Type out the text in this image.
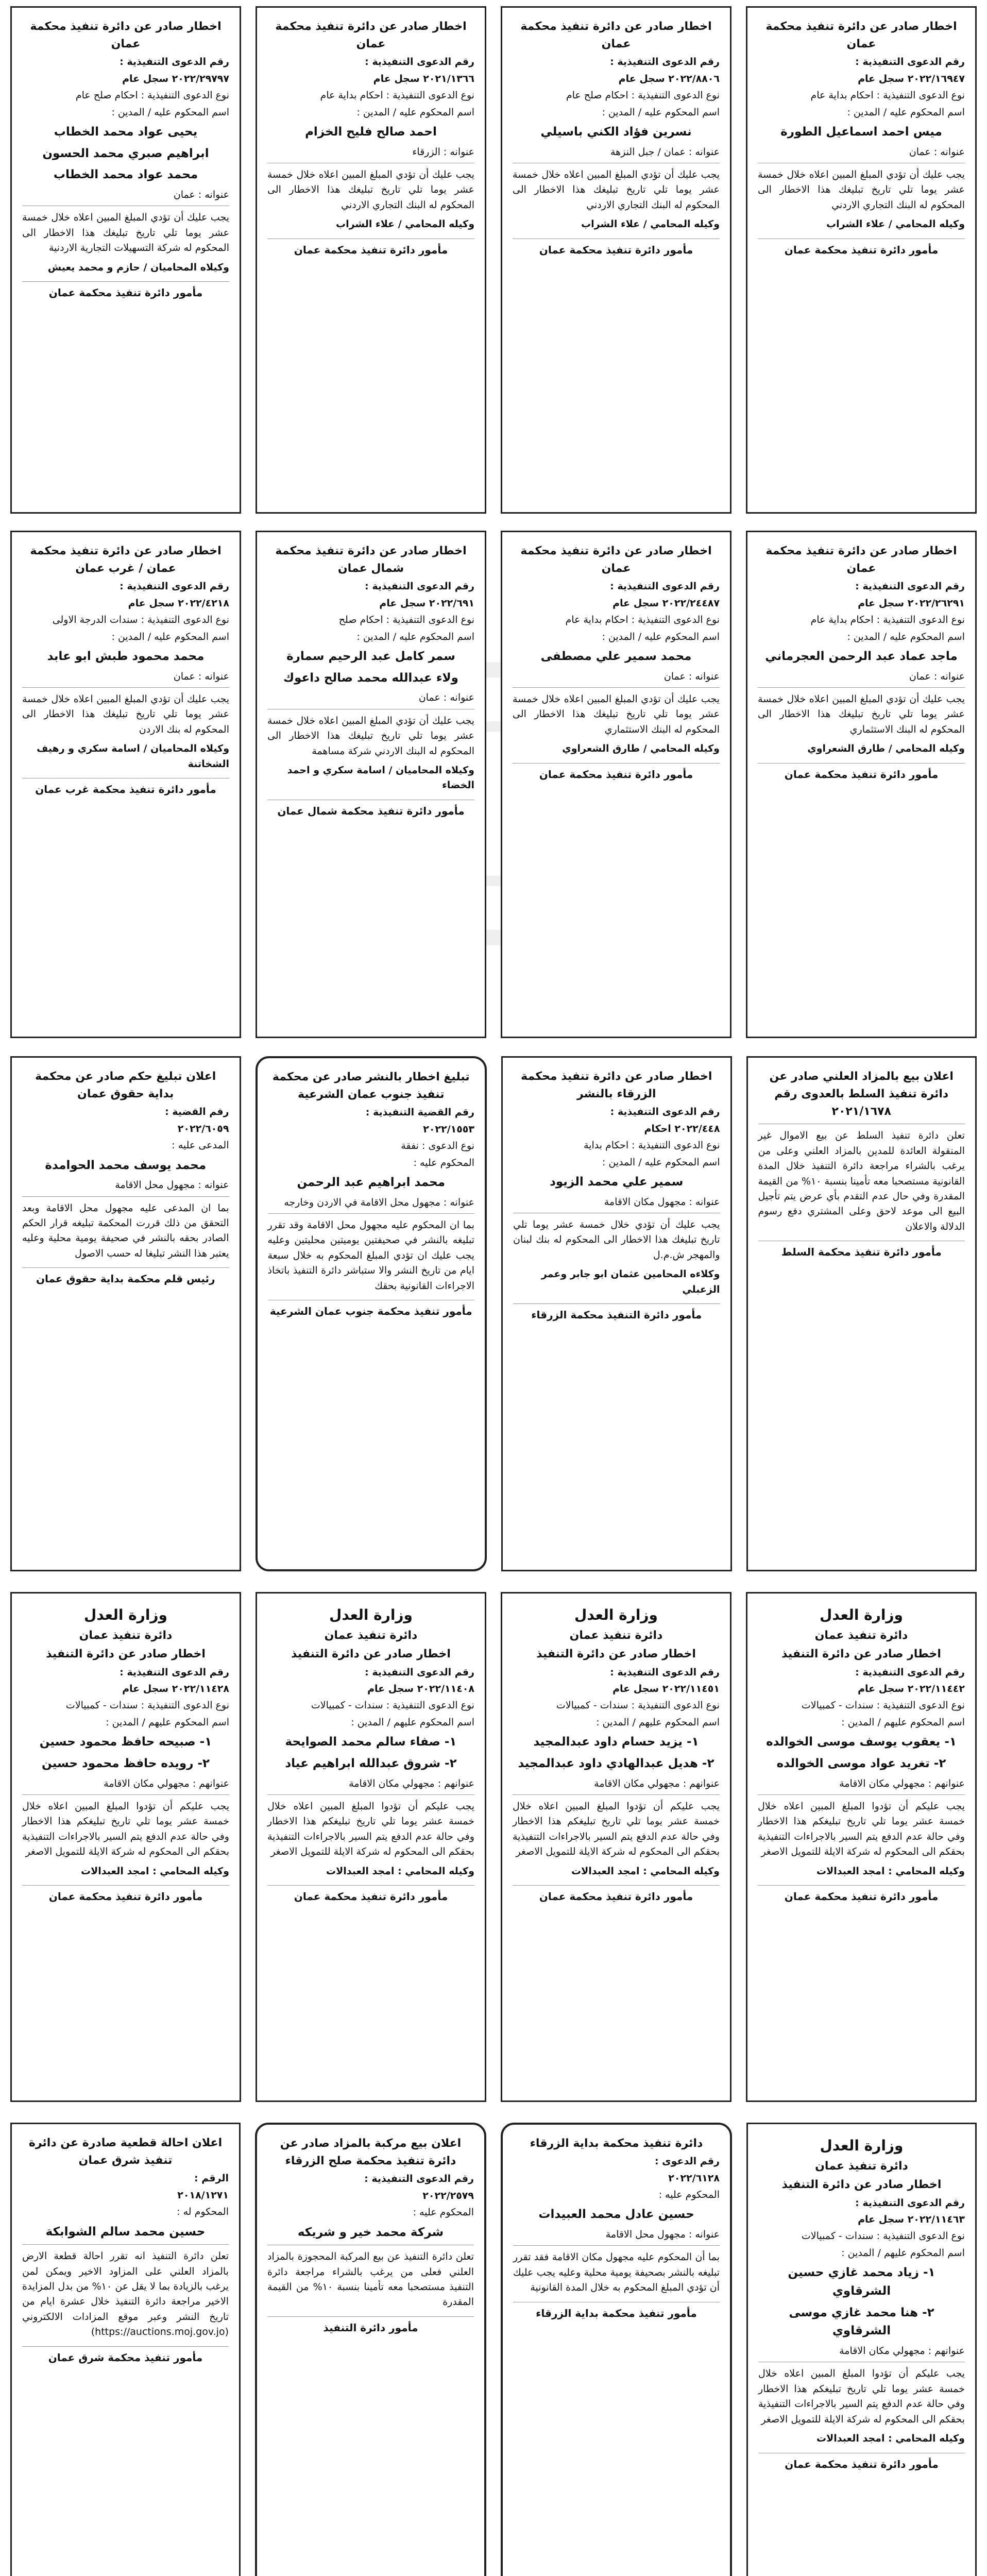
اخطار صادر عن دائرة تنفيذ محكمة عمان
رقم الدعوى التنفيذية :
٢٠٢٢/١٦٩٤٧ سجل عام
نوع الدعوى التنفيذية : احكام بداية عام
اسم المحكوم عليه / المدين :
ميس احمد اسماعيل الطورة
عنوانه : عمان
يجب عليك أن تؤدي المبلغ المبين اعلاه خلال خمسة عشر يوما تلي تاريخ تبليغك هذا الاخطار الى المحكوم له البنك التجاري الاردني
وكيله المحامي / علاء الشراب
مأمور دائرة تنفيذ محكمة عمان
اخطار صادر عن دائرة تنفيذ محكمة عمان
رقم الدعوى التنفيذية :
٢٠٢٢/٨٨٠٦ سجل عام
نوع الدعوى التنفيذية : احكام صلح عام
اسم المحكوم عليه / المدين :
نسرين فؤاد الكني باسيلي
عنوانه : عمان / جبل النزهة
يجب عليك أن تؤدي المبلغ المبين اعلاه خلال خمسة عشر يوما تلي تاريخ تبليغك هذا الاخطار الى المحكوم له البنك التجاري الاردني
وكيله المحامي / علاء الشراب
مأمور دائرة تنفيذ محكمة عمان
اخطار صادر عن دائرة تنفيذ محكمة عمان
رقم الدعوى التنفيذية :
٢٠٢١/١٣٦٦ سجل عام
نوع الدعوى التنفيذية : احكام بداية عام
اسم المحكوم عليه / المدين :
احمد صالح فليح الخزام
عنوانه : الزرقاء
يجب عليك أن تؤدي المبلغ المبين اعلاه خلال خمسة عشر يوما تلي تاريخ تبليغك هذا الاخطار الى المحكوم له البنك التجاري الاردني
وكيله المحامي / علاء الشراب
مأمور دائرة تنفيذ محكمة عمان
اخطار صادر عن دائرة تنفيذ محكمة عمان
رقم الدعوى التنفيذية :
٢٠٢٢/٢٩٧٩٧ سجل عام
نوع الدعوى التنفيذية : احكام صلح عام
اسم المحكوم عليه / المدين :
يحيى عواد محمد الخطاب
ابراهيم صبري محمد الحسون
محمد عواد محمد الخطاب
عنوانه : عمان
يجب عليك أن تؤدي المبلغ المبين اعلاه خلال خمسة عشر يوما تلي تاريخ تبليغك هذا الاخطار الى المحكوم له شركة التسهيلات التجارية الاردنية
وكيلاه المحاميان / حازم و محمد يعيش
مأمور دائرة تنفيذ محكمة عمان
اخطار صادر عن دائرة تنفيذ محكمة عمان
رقم الدعوى التنفيذية :
٢٠٢٢/٢٦٢٩١ سجل عام
نوع الدعوى التنفيذية : احكام بداية عام
اسم المحكوم عليه / المدين :
ماجد عماد عبد الرحمن العجرماني
عنوانه : عمان
يجب عليك أن تؤدي المبلغ المبين اعلاه خلال خمسة عشر يوما تلي تاريخ تبليغك هذا الاخطار الى المحكوم له البنك الاستثماري
وكيله المحامي / طارق الشعراوي
مأمور دائرة تنفيذ محكمة عمان
اخطار صادر عن دائرة تنفيذ محكمة عمان
رقم الدعوى التنفيذية :
٢٠٢٢/٢٤٤٨٧ سجل عام
نوع الدعوى التنفيذية : احكام بداية عام
اسم المحكوم عليه / المدين :
محمد سمير علي مصطفى
عنوانه : عمان
يجب عليك أن تؤدي المبلغ المبين اعلاه خلال خمسة عشر يوما تلي تاريخ تبليغك هذا الاخطار الى المحكوم له البنك الاستثماري
وكيله المحامي / طارق الشعراوي
مأمور دائرة تنفيذ محكمة عمان
اخطار صادر عن دائرة تنفيذ محكمة شمال عمان
رقم الدعوى التنفيذية :
٢٠٢٢/٦٩١ سجل عام
نوع الدعوى التنفيذية : احكام صلح
اسم المحكوم عليه / المدين :
سمر كامل عبد الرحيم سمارة
ولاء عبدالله محمد صالح داعوك
عنوانه : عمان
يجب عليك أن تؤدي المبلغ المبين اعلاه خلال خمسة عشر يوما تلي تاريخ تبليغك هذا الاخطار الى المحكوم له البنك الاردني شركة مساهمة
وكيلاه المحاميان / اسامة سكري و احمد الخضاء
مأمور دائرة تنفيذ محكمة شمال عمان
اخطار صادر عن دائرة تنفيذ محكمة عمان / غرب عمان
رقم الدعوى التنفيذية :
٢٠٢٢/٤٢١٨ سجل عام
نوع الدعوى التنفيذية : سندات الدرجة الاولى
اسم المحكوم عليه / المدين :
محمد محمود طبش ابو عابد
عنوانه : عمان
يجب عليك أن تؤدي المبلغ المبين اعلاه خلال خمسة عشر يوما تلي تاريخ تبليغك هذا الاخطار الى المحكوم له بنك الاردن
وكيلاه المحاميان / اسامة سكري و رهيف الشخاتنة
مأمور دائرة تنفيذ محكمة غرب عمان
اعلان بيع بالمزاد العلني صادر عن دائرة تنفيذ السلط بالعدوى رقم ٢٠٢١/١٦٧٨
تعلن دائرة تنفيذ السلط عن بيع الاموال غير المنقولة العائدة للمدين بالمزاد العلني وعلى من يرغب بالشراء مراجعة دائرة التنفيذ خلال المدة القانونية مستصحبا معه تأمينا بنسبة ١٠% من القيمة المقدرة وفي حال عدم التقدم بأي عرض يتم تأجيل البيع الى موعد لاحق وعلى المشتري دفع رسوم الدلالة والاعلان
مأمور دائرة تنفيذ محكمة السلط
اخطار صادر عن دائرة تنفيذ محكمة الزرقاء بالنشر
رقم الدعوى التنفيذية :
٢٠٢٢/٤٤٨ احكام
نوع الدعوى التنفيذية : احكام بداية
اسم المحكوم عليه / المدين :
سمير علي محمد الزيود
عنوانه : مجهول مكان الاقامة
يجب عليك أن تؤدي خلال خمسة عشر يوما تلي تاريخ تبليغك هذا الاخطار الى المحكوم له بنك لبنان والمهجر ش.م.ل
وكلاءه المحامين عثمان ابو جابر وعمر الزعبلي
مأمور دائرة التنفيذ محكمة الزرقاء
تبليغ اخطار بالنشر صادر عن محكمة تنفيذ جنوب عمان الشرعية
رقم القضية التنفيذية :
٢٠٢٢/١٥٥٣
نوع الدعوى : نفقة
المحكوم عليه :
محمد ابراهيم عبد الرحمن
عنوانه : مجهول محل الاقامة في الاردن وخارجه
بما ان المحكوم عليه مجهول محل الاقامة وقد تقرر تبليغه بالنشر في صحيفتين يوميتين محليتين وعليه يجب عليك ان تؤدي المبلغ المحكوم به خلال سبعة ايام من تاريخ النشر والا ستباشر دائرة التنفيذ باتخاذ الاجراءات القانونية بحقك
مأمور تنفيذ محكمة جنوب عمان الشرعية
اعلان تبليغ حكم صادر عن محكمة بداية حقوق عمان
رقم القضية :
٢٠٢٢/٦٠٥٩
المدعى عليه :
محمد يوسف محمد الحوامدة
عنوانه : مجهول محل الاقامة
بما ان المدعى عليه مجهول محل الاقامة وبعد التحقق من ذلك قررت المحكمة تبليغه قرار الحكم الصادر بحقه بالنشر في صحيفة يومية محلية وعليه يعتبر هذا النشر تبليغا له حسب الاصول
رئيس قلم محكمة بداية حقوق عمان
وزارة العدل
دائرة تنفيذ عمان
اخطار صادر عن دائرة التنفيذ
رقم الدعوى التنفيذية :
٢٠٢٢/١١٤٤٢ سجل عام
نوع الدعوى التنفيذية : سندات - كمبيالات
اسم المحكوم عليهم / المدين :
١- يعقوب يوسف موسى الخوالده
٢- تغريد عواد موسى الخوالده
عنوانهم : مجهولي مكان الاقامة
يجب عليكم أن تؤدوا المبلغ المبين اعلاه خلال خمسة عشر يوما تلي تاريخ تبليغكم هذا الاخطار وفي حالة عدم الدفع يتم السير بالاجراءات التنفيذية بحقكم الى المحكوم له شركة الايلة للتمويل الاصغر
وكيله المحامي : امجد العبدالات
مأمور دائرة تنفيذ محكمة عمان
وزارة العدل
دائرة تنفيذ عمان
اخطار صادر عن دائرة التنفيذ
رقم الدعوى التنفيذية :
٢٠٢٢/١١٤٥١ سجل عام
نوع الدعوى التنفيذية : سندات - كمبيالات
اسم المحكوم عليهم / المدين :
١- يزيد حسام داود عبدالمجيد
٢- هديل عبدالهادي داود عبدالمجيد
عنوانهم : مجهولي مكان الاقامة
يجب عليكم أن تؤدوا المبلغ المبين اعلاه خلال خمسة عشر يوما تلي تاريخ تبليغكم هذا الاخطار وفي حالة عدم الدفع يتم السير بالاجراءات التنفيذية بحقكم الى المحكوم له شركة الايلة للتمويل الاصغر
وكيله المحامي : امجد العبدالات
مأمور دائرة تنفيذ محكمة عمان
وزارة العدل
دائرة تنفيذ عمان
اخطار صادر عن دائرة التنفيذ
رقم الدعوى التنفيذية :
٢٠٢٢/١١٤٠٨ سجل عام
نوع الدعوى التنفيذية : سندات - كمبيالات
اسم المحكوم عليهم / المدين :
١- صفاء سالم محمد الصوايحة
٢- شروق عبدالله ابراهيم عياد
عنوانهم : مجهولي مكان الاقامة
يجب عليكم أن تؤدوا المبلغ المبين اعلاه خلال خمسة عشر يوما تلي تاريخ تبليغكم هذا الاخطار وفي حالة عدم الدفع يتم السير بالاجراءات التنفيذية بحقكم الى المحكوم له شركة الايلة للتمويل الاصغر
وكيله المحامي : امجد العبدالات
مأمور دائرة تنفيذ محكمة عمان
وزارة العدل
دائرة تنفيذ عمان
اخطار صادر عن دائرة التنفيذ
رقم الدعوى التنفيذية :
٢٠٢٢/١١٤٢٨ سجل عام
نوع الدعوى التنفيذية : سندات - كمبيالات
اسم المحكوم عليهم / المدين :
١- صبيحه حافظ محمود حسين
٢- رويده حافظ محمود حسين
عنوانهم : مجهولي مكان الاقامة
يجب عليكم أن تؤدوا المبلغ المبين اعلاه خلال خمسة عشر يوما تلي تاريخ تبليغكم هذا الاخطار وفي حالة عدم الدفع يتم السير بالاجراءات التنفيذية بحقكم الى المحكوم له شركة الايلة للتمويل الاصغر
وكيله المحامي : امجد العبدالات
مأمور دائرة تنفيذ محكمة عمان
وزارة العدل
دائرة تنفيذ عمان
اخطار صادر عن دائرة التنفيذ
رقم الدعوى التنفيذية :
٢٠٢٢/١١٤٦٣ سجل عام
نوع الدعوى التنفيذية : سندات - كمبيالات
اسم المحكوم عليهم / المدين :
١- زياد محمد غازي حسين الشرقاوي
٢- هنا محمد غازي موسى الشرقاوي
عنوانهم : مجهولي مكان الاقامة
يجب عليكم أن تؤدوا المبلغ المبين اعلاه خلال خمسة عشر يوما تلي تاريخ تبليغكم هذا الاخطار وفي حالة عدم الدفع يتم السير بالاجراءات التنفيذية بحقكم الى المحكوم له شركة الايلة للتمويل الاصغر
وكيله المحامي : امجد العبدالات
مأمور دائرة تنفيذ محكمة عمان
دائرة تنفيذ محكمة بداية الزرقاء
رقم الدعوى :
٢٠٢٢/٦١٢٨
المحكوم عليه :
حسين عادل محمد العبيدات
عنوانه : مجهول محل الاقامة
بما أن المحكوم عليه مجهول مكان الاقامة فقد تقرر تبليغه بالنشر بصحيفة يومية محلية وعليه يجب عليك أن تؤدي المبلغ المحكوم به خلال المدة القانونية
مأمور تنفيذ محكمة بداية الزرقاء
اعلان بيع مركبة بالمزاد صادر عن دائرة تنفيذ محكمة صلح الزرقاء
رقم الدعوى التنفيذية :
٢٠٢٢/٢٥٧٩
المحكوم عليه :
شركة محمد خير و شريكه
تعلن دائرة التنفيذ عن بيع المركبة المحجوزة بالمزاد العلني فعلى من يرغب بالشراء مراجعة دائرة التنفيذ مستصحبا معه تأمينا بنسبة ١٠% من القيمة المقدرة
مأمور دائرة التنفيذ
اعلان احالة قطعية صادرة عن دائرة تنفيذ شرق عمان
الرقم :
٢٠١٨/١٢٧١
المحكوم له :
حسين محمد سالم الشوابكة
تعلن دائرة التنفيذ انه تقرر احالة قطعة الارض بالمزاد العلني على المزاود الاخير ويمكن لمن يرغب بالزيادة بما لا يقل عن ١٠% من بدل المزايدة الاخير مراجعة دائرة التنفيذ خلال عشرة ايام من تاريخ النشر وعبر موقع المزادات الالكتروني (https://auctions.moj.gov.jo)
مأمور تنفيذ محكمة شرق عمان
